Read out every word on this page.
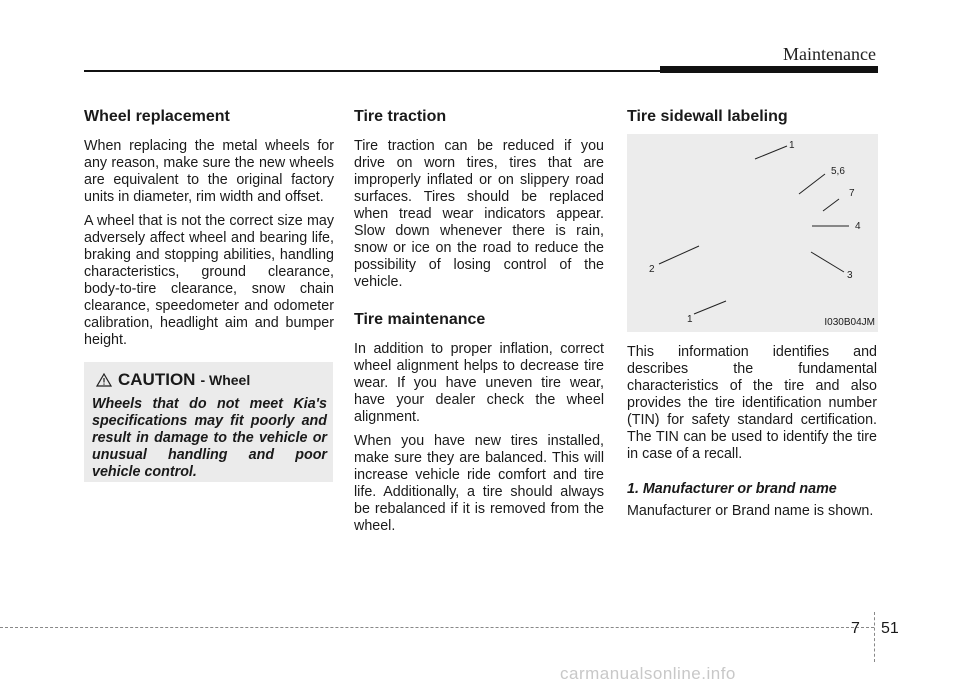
Maintenance
Wheel replacement

When replacing the metal wheels for any reason, make sure the new wheels are equivalent to the original factory units in diameter, rim width and offset.

A wheel that is not the correct size may adversely affect wheel and bearing life, braking and stopping abilities, handling characteristics, ground clearance, body-to-tire clearance, snow chain clearance, speedometer and odometer calibration, headlight aim and bumper height.

CAUTION - Wheel

Wheels that do not meet Kia's specifications may fit poorly and result in damage to the vehicle or unusual handling and poor vehicle control.

Tire traction

Tire traction can be reduced if you drive on worn tires, tires that are improperly inflated or on slippery road surfaces. Tires should be replaced when tread wear indicators appear. Slow down whenever there is rain, snow or ice on the road to reduce the possibility of losing control of the vehicle.

Tire maintenance

In addition to proper inflation, correct wheel alignment helps to decrease tire wear. If you have uneven tire wear, have your dealer check the wheel alignment.

When you have new tires installed, make sure they are balanced. This will increase vehicle ride comfort and tire life. Additionally, a tire should always be rebalanced if it is removed from the wheel.

Tire sidewall labeling
1
5,6
7
4
3
2
1	I030B04JM

This information identifies and describes the fundamental characteristics of the tire and also provides the tire identification number (TIN) for safety standard certification. The TIN can be used to identify the tire in case of a recall.

1. Manufacturer or brand name

Manufacturer or Brand name is shown.

7 51
carmanualsonline.info
